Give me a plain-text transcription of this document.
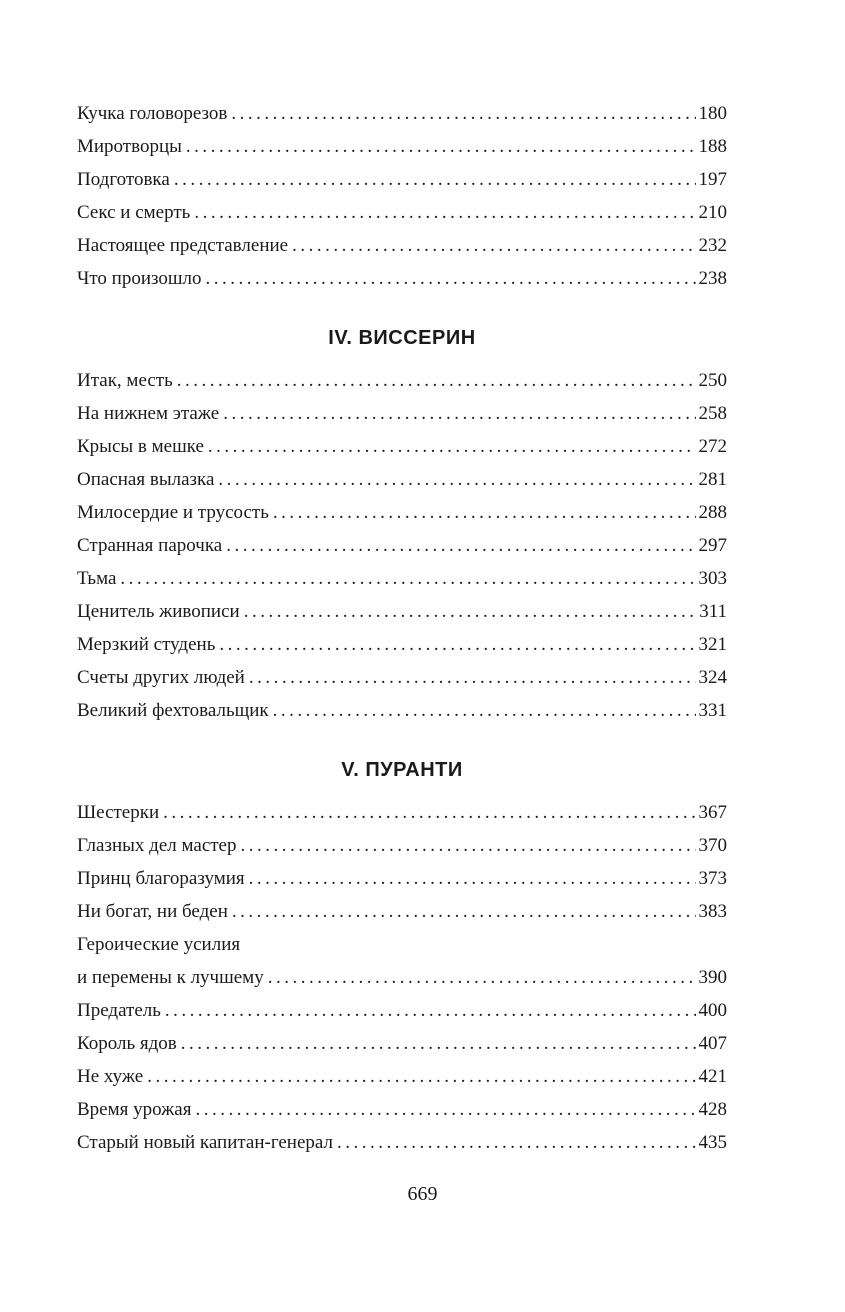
Кучка головорезов .....	180
Миротворцы .....	188
Подготовка .....	197
Секс и смерть .....	210
Настоящее представление .....	232
Что произошло .....	238
IV. ВИССЕРИН
Итак, месть .....	250
На нижнем этаже .....	258
Крысы в мешке .....	272
Опасная вылазка .....	281
Милосердие и трусость .....	288
Странная парочка .....	297
Тьма .....	303
Ценитель живописи .....	311
Мерзкий студень .....	321
Счеты других людей .....	324
Великий фехтовальщик .....	331
V. ПУРАНТИ
Шестерки .....	367
Глазных дел мастер .....	370
Принц благоразумия .....	373
Ни богат, ни беден .....	383
Героические усилия
и перемены к лучшему .....	390
Предатель .....	400
Король ядов .....	407
Не хуже .....	421
Время урожая .....	428
Старый новый капитан-генерал .....	435
669
